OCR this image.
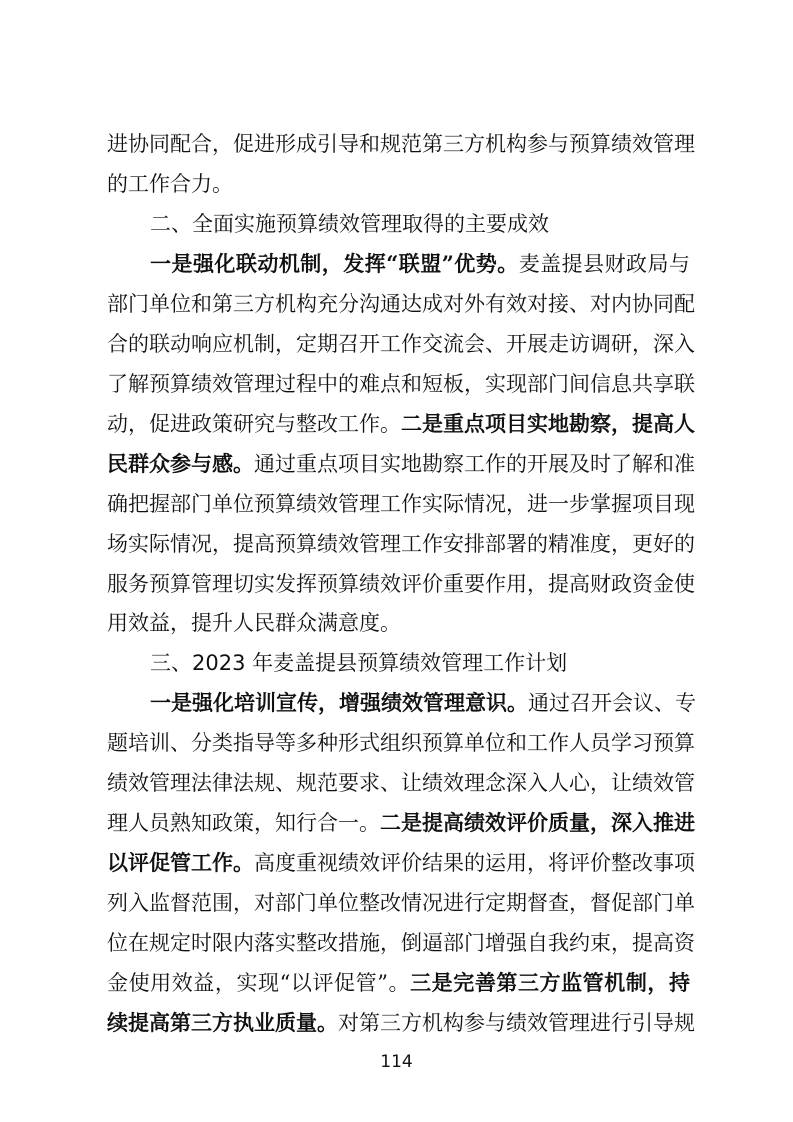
进协同配合，促进形成引导和规范第三方机构参与预算绩效管理
的工作合力。
二、全面实施预算绩效管理取得的主要成效
一是强化联动机制，发挥“联盟”优势。麦盖提县财政局与
部门单位和第三方机构充分沟通达成对外有效对接、对内协同配
合的联动响应机制，定期召开工作交流会、开展走访调研，深入
了解预算绩效管理过程中的难点和短板，实现部门间信息共享联
动，促进政策研究与整改工作。二是重点项目实地勘察，提高人
民群众参与感。通过重点项目实地勘察工作的开展及时了解和准
确把握部门单位预算绩效管理工作实际情况，进一步掌握项目现
场实际情况，提高预算绩效管理工作安排部署的精准度，更好的
服务预算管理切实发挥预算绩效评价重要作用，提高财政资金使
用效益，提升人民群众满意度。
三、2023 年麦盖提县预算绩效管理工作计划
一是强化培训宣传，增强绩效管理意识。通过召开会议、专
题培训、分类指导等多种形式组织预算单位和工作人员学习预算
绩效管理法律法规、规范要求、让绩效理念深入人心，让绩效管
理人员熟知政策，知行合一。二是提高绩效评价质量，深入推进
以评促管工作。高度重视绩效评价结果的运用，将评价整改事项
列入监督范围，对部门单位整改情况进行定期督查，督促部门单
位在规定时限内落实整改措施，倒逼部门增强自我约束，提高资
金使用效益，实现“以评促管”。三是完善第三方监管机制，持
114
续提高第三方执业质量。对第三方机构参与绩效管理进行引导规
